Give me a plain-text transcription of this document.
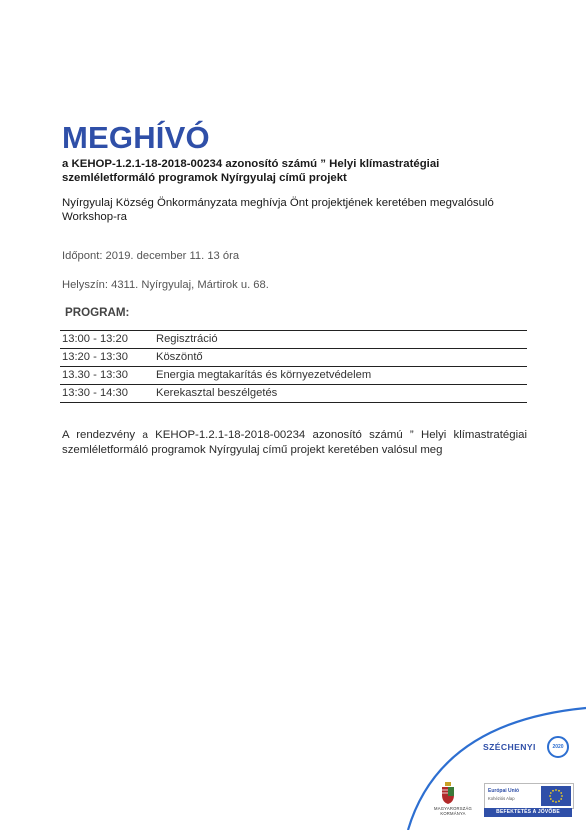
MEGHÍVÓ
a KEHOP-1.2.1-18-2018-00234 azonosító számú ” Helyi klímastratégiai
szemléletformáló programok Nyírgyulaj című projekt
Nyírgyulaj Község Önkormányzata meghívja Önt projektjének keretében megvalósuló
Workshop-ra
Időpont: 2019. december 11. 13 óra
Helyszín: 4311. Nyírgyulaj, Mártirok u. 68.
PROGRAM:
13:00 - 13:20	Regisztráció
13:20 - 13:30	Köszöntő
13.30 - 13:30	Energia megtakarítás és környezetvédelem
13:30 - 14:30	Kerekasztal beszélgetés
A rendezvény a KEHOP-1.2.1-18-2018-00234 azonosító számú ” Helyi klímastratégiai szemléletformáló programok Nyírgyulaj című projekt keretében valósul meg
SZÉCHENYI	2020
MAGYARORSZÁG
KORMÁNYA
Európai Unió
Kohéziós Alap
BEFEKTETÉS A JÖVŐBE
